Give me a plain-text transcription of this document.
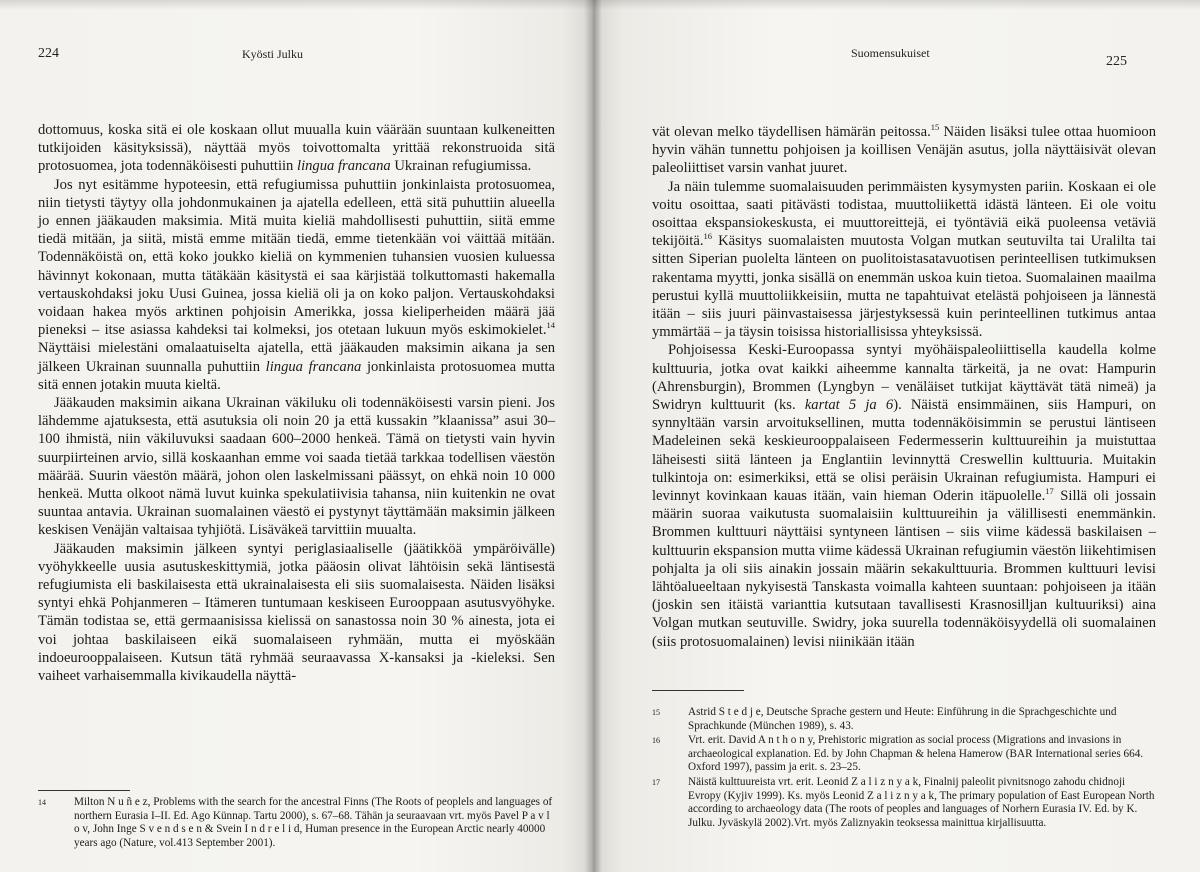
224	Kyösti Julku

dottomuus, koska sitä ei ole koskaan ollut muualla kuin väärään suuntaan kulkeneitten tutkijoiden käsityksissä), näyttää myös toivottomalta yrittää rekonstruoida sitä protosuomea, jota todennäköisesti puhuttiin lingua francana Ukrainan refugiumissa.

Jos nyt esitämme hypoteesin, että refugiumissa puhuttiin jonkinlaista protosuomea, niin tietysti täytyy olla johdonmukainen ja ajatella edelleen, että sitä puhuttiin alueella jo ennen jääkauden maksimia. Mitä muita kieliä mahdollisesti puhuttiin, siitä emme tiedä mitään, ja siitä, mistä emme mitään tiedä, emme tietenkään voi väittää mitään. Todennäköistä on, että koko joukko kieliä on kymmenien tuhansien vuosien kuluessa hävinnyt kokonaan, mutta tätäkään käsitystä ei saa kärjistää tolkuttomasti hakemalla vertauskohdaksi joku Uusi Guinea, jossa kieliä oli ja on koko paljon. Vertauskohdaksi voidaan hakea myös arktinen pohjoisin Amerikka, jossa kieliperheiden määrä jää pieneksi – itse asiassa kahdeksi tai kolmeksi, jos otetaan lukuun myös eskimokielet.$^{14}$ Näyttäisi mielestäni omalaatuiselta ajatella, että jääkauden maksimin aikana ja sen jälkeen Ukrainan suunnalla puhuttiin lingua francana jonkinlaista protosuomea mutta sitä ennen jotakin muuta kieltä.

Jääkauden maksimin aikana Ukrainan väkiluku oli todennäköisesti varsin pieni. Jos lähdemme ajatuksesta, että asutuksia oli noin 20 ja että kussakin ”klaanissa” asui 30–100 ihmistä, niin väkiluvuksi saadaan 600–2000 henkeä. Tämä on tietysti vain hyvin suurpiirteinen arvio, sillä koskaanhan emme voi saada tietää tarkkaa todellisen väestön määrää. Suurin väestön määrä, johon olen laskelmissani päässyt, on ehkä noin 10 000 henkeä. Mutta olkoot nämä luvut kuinka spekulatiivisia tahansa, niin kuitenkin ne ovat suuntaa antavia. Ukrainan suomalainen väestö ei pystynyt täyttämään maksimin jälkeen keskisen Venäjän valtaisaa tyhjiötä. Lisäväkeä tarvittiin muualta.

Jääkauden maksimin jälkeen syntyi periglasiaaliselle (jäätikköä ympäröivälle) vyöhykkeelle uusia asutuskeskittymiä, jotka pääosin olivat lähtöisin sekä läntisestä refugiumista eli baskilaisesta että ukrainalaisesta eli siis suomalaisesta. Näiden lisäksi syntyi ehkä Pohjanmeren – Itämeren tuntumaan keskiseen Eurooppaan asutusvyöhyke. Tämän todistaa se, että germaanisissa kielissä on sanastossa noin 30 % ainesta, jota ei voi johtaa baskilaiseen eikä suomalaiseen ryhmään, mutta ei myöskään indoeurooppalaiseen. Kutsun tätä ryhmää seuraavassa X-kansaksi ja -kieleksi. Sen vaiheet varhaisemmalla kivikaudella näyttä-

14	Milton N u ñ e z, Problems with the search for the ancestral Finns (The Roots of peoplels and languages of northern Eurasia I–II. Ed. Ago Künnap. Tartu 2000), s. 67–68. Tähän ja seuraavaan vrt. myös Pavel P a v l o v, John Inge S v e n d s e n & Svein I n d r e l i d, Human presence in the European Arctic nearly 40000 years ago (Nature, vol.413 September 2001).
Suomensukuiset
225

vät olevan melko täydellisen hämärän peitossa.$^{15}$ Näiden lisäksi tulee ottaa huomioon hyvin vähän tunnettu pohjoisen ja koillisen Venäjän asutus, jolla näyttäisivät olevan paleoliittiset varsin vanhat juuret.

Ja näin tulemme suomalaisuuden perimmäisten kysymysten pariin. Koskaan ei ole voitu osoittaa, saati pitävästi todistaa, muuttoliikettä idästä länteen. Ei ole voitu osoittaa ekspansiokeskusta, ei muuttoreittejä, ei työntäviä eikä puoleensa vetäviä tekijöitä.$^{16}$ Käsitys suomalaisten muutosta Volgan mutkan seutuvilta tai Uralilta tai sitten Siperian puolelta länteen on puolitoistasatavuotisen perinteellisen tutkimuksen rakentama myytti, jonka sisällä on enemmän uskoa kuin tietoa. Suomalainen maailma perustui kyllä muuttoliikkeisiin, mutta ne tapahtuivat etelästä pohjoiseen ja lännestä itään – siis juuri päinvastaisessa järjestyksessä kuin perinteellinen tutkimus antaa ymmärtää – ja täysin toisissa historiallisissa yhteyksissä.

Pohjoisessa Keski-Euroopassa syntyi myöhäispaleoliittisella kaudella kolme kulttuuria, jotka ovat kaikki aiheemme kannalta tärkeitä, ja ne ovat: Hampurin (Ahrensburgin), Brommen (Lyngbyn – venäläiset tutkijat käyttävät tätä nimeä) ja Swidryn kulttuurit (ks. kartat 5 ja 6). Näistä ensimmäinen, siis Hampuri, on synnyltään varsin arvoituksellinen, mutta todennäköisimmin se perustui läntiseen Madeleinen sekä keskieurooppalaiseen Federmesserin kulttuureihin ja muistuttaa läheisesti siitä länteen ja Englantiin levinnyttä Creswellin kulttuuria. Muitakin tulkintoja on: esimerkiksi, että se olisi peräisin Ukrainan refugiumista. Hampuri ei levinnyt kovinkaan kauas itään, vain hieman Oderin itäpuolelle.$^{17}$ Sillä oli jossain määrin suoraa vaikutusta suomalaisiin kulttuureihin ja välillisesti enemmänkin. Brommen kulttuuri näyttäisi syntyneen läntisen – siis viime kädessä baskilaisen – kulttuurin ekspansion mutta viime kädessä Ukrainan refugiumin väestön liikehtimisen pohjalta ja oli siis ainakin jossain määrin sekakulttuuria. Brommen kulttuuri levisi lähtöalueeltaan nykyisestä Tanskasta voimalla kahteen suuntaan: pohjoiseen ja itään (joskin sen itäistä varianttia kutsutaan tavallisesti Krasnosilljan kultuuriksi) aina Volgan mutkan seutuville. Swidry, joka suurella todennäköisyydellä oli suomalainen (siis protosuomalainen) levisi niinikään itään

15	Astrid S t e d j e, Deutsche Sprache gestern und Heute: Einführung in die Sprachgeschichte und Sprachkunde (München 1989), s. 43.
16	Vrt. erit. David A n t h o n y, Prehistoric migration as social process (Migrations and invasions in archaeological explanation. Ed. by John Chapman & helena Hamerow (BAR International series 664. Oxford 1997), passim ja erit. s. 23–25.
17	Näistä kulttuureista vrt. erit. Leonid Z a l i z n y a k, Finalnij paleolit pivnitsnogo zahodu chidnoji Evropy (Kyjiv 1999). Ks. myös Leonid Z a l i z n y a k, The primary population of East European North according to archaeology data (The roots of peoples and languages of Norhern Eurasia IV. Ed. by K. Julku. Jyväskylä 2002).Vrt. myös Zaliznyakin teoksessa mainittua kirjallisuutta.
